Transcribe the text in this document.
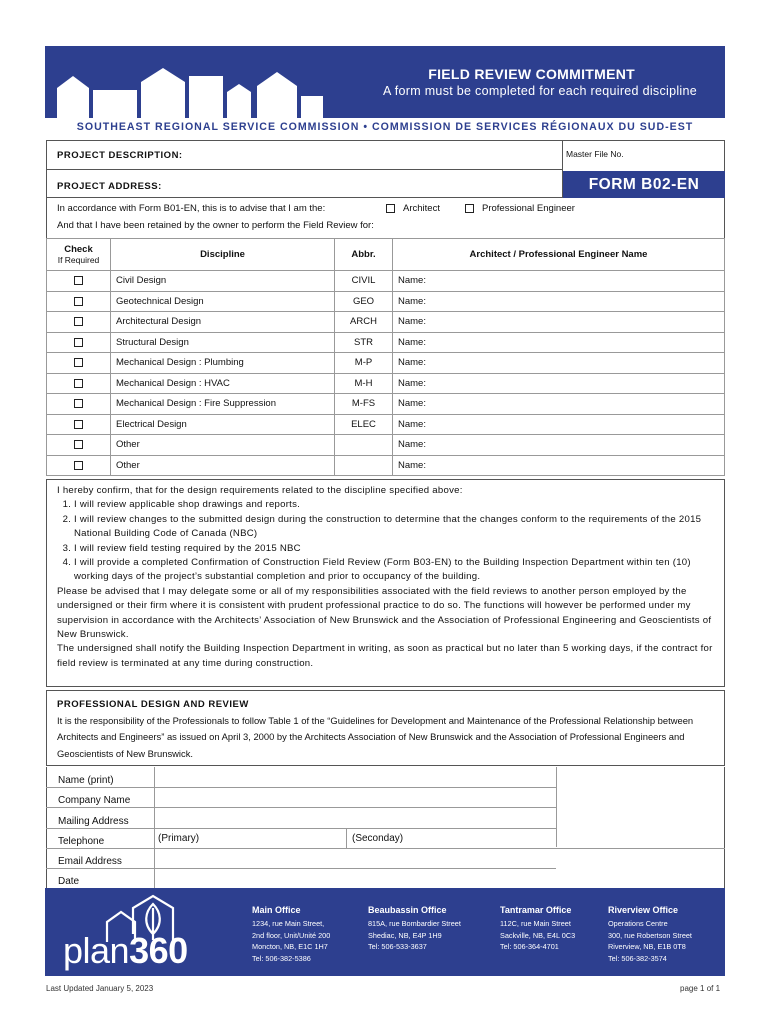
FIELD REVIEW COMMITMENT
A form must be completed for each required discipline
SOUTHEAST REGIONAL SERVICE COMMISSION • COMMISSION DE SERVICES RÉGIONAUX DU SUD-EST
PROJECT DESCRIPTION:
PROJECT ADDRESS:
Master File No.
FORM B02-EN
In accordance with Form B01-EN, this is to advise that I am the:	Architect	Professional Engineer
And that I have been retained by the owner to perform the Field Review for:
Check
If Required	Discipline	Abbr.	Architect / Professional Engineer Name
	Civil Design	CIVIL	Name:
	Geotechnical Design	GEO	Name:
	Architectural Design	ARCH	Name:
	Structural Design	STR	Name:
	Mechanical Design : Plumbing	M-P	Name:
	Mechanical Design : HVAC	M-H	Name:
	Mechanical Design : Fire Suppression	M-FS	Name:
	Electrical Design	ELEC	Name:
	Other		Name:
	Other		Name:
I hereby confirm, that for the design requirements related to the discipline specified above:
1. I will review applicable shop drawings and reports.
2. I will review changes to the submitted design during the construction to determine that the changes conform to the requirements of the 2015 National Building Code of Canada (NBC)
3. I will review field testing required by the 2015 NBC
4. I will provide a completed Confirmation of Construction Field Review (Form B03-EN) to the Building Inspection Department within ten (10) working days of the project’s substantial completion and prior to occupancy of the building.
Please be advised that I may delegate some or all of my responsibilities associated with the field reviews to another person employed by the undersigned or their firm where it is consistent with prudent professional practice to do so. The functions will however be performed under my supervision in accordance with the Architects’ Association of New Brunswick and the Association of Professional Engineering and Geoscientists of New Brunswick.
The undersigned shall notify the Building Inspection Department in writing, as soon as practical but no later than 5 working days, if the contract for field review is terminated at any time during construction.
PROFESSIONAL DESIGN AND REVIEW
It is the responsibility of the Professionals to follow Table 1 of the “Guidelines for Development and Maintenance of the Professional Relationship between Architects and Engineers” as issued on April 3, 2000 by the Architects Association of New Brunswick and the Association of Professional Engineers and Geoscientists of New Brunswick.
Name (print)
Company Name
Mailing Address
Telephone
Email Address
Date
(Primary)	(Seconday)
plan360
Main Office
1234, rue Main Street,
2nd floor, Unit/Unité 200
Moncton, NB, E1C 1H7
Tel: 506-382-5386
Beaubassin Office
815A, rue Bombardier Street
Shediac, NB, E4P 1H9
Tel: 506-533-3637
Tantramar Office
112C, rue Main Street
Sackville, NB, E4L 0C3
Tel: 506-364-4701
Riverview Office
Operations Centre
300, rue Robertson Street
Riverview, NB, E1B 0T8
Tel: 506-382-3574
Last Updated January 5, 2023	page 1 of 1
